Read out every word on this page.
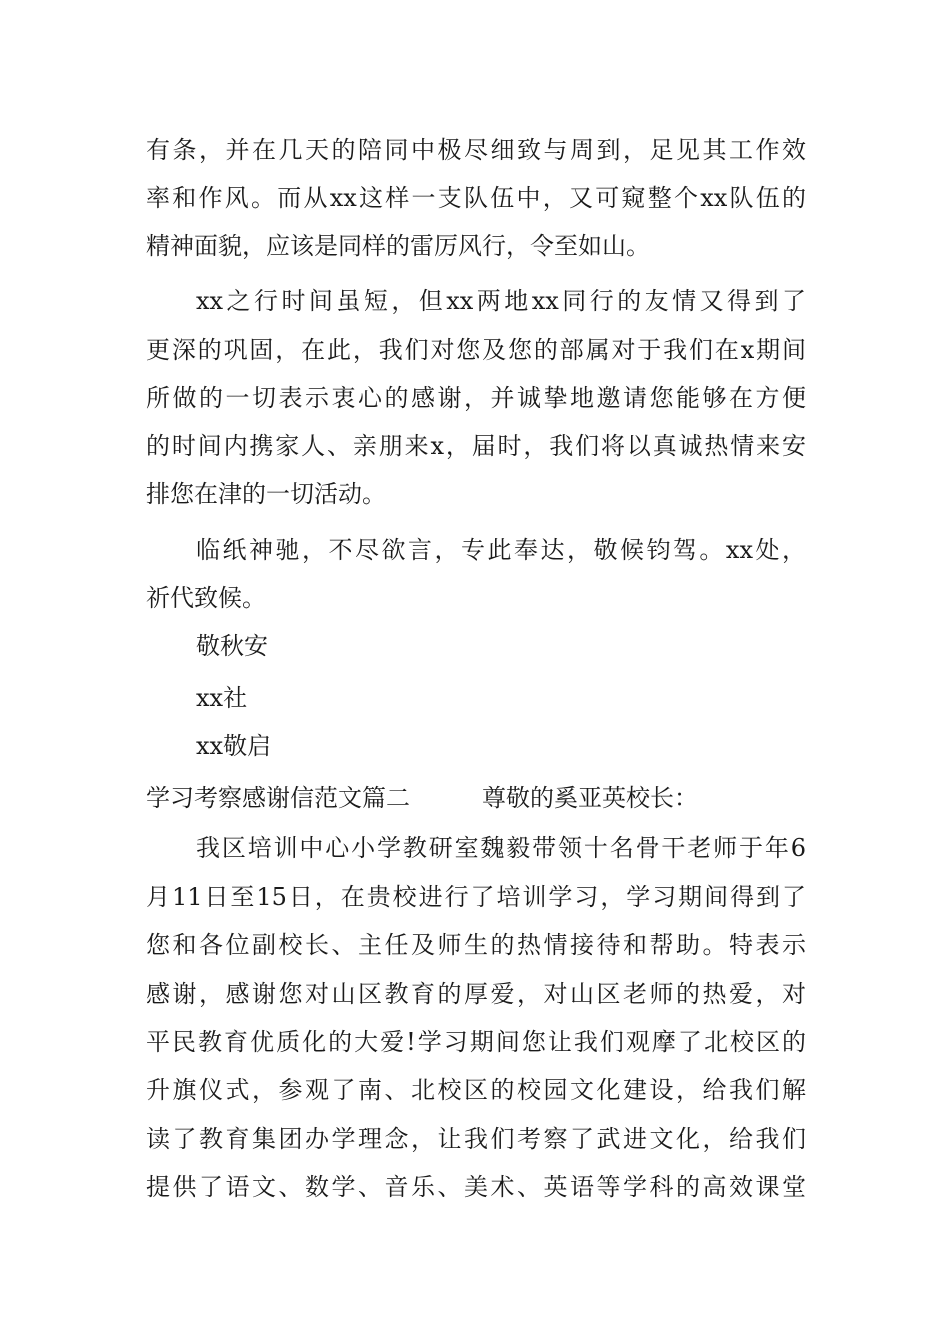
有条，并在几天的陪同中极尽细致与周到，足见其工作效
率和作风。而从xx这样一支队伍中，又可窥整个xx队伍的
精神面貌，应该是同样的雷厉风行，令至如山。
xx之行时间虽短，但xx两地xx同行的友情又得到了
更深的巩固，在此，我们对您及您的部属对于我们在x期间
所做的一切表示衷心的感谢，并诚挚地邀请您能够在方便
的时间内携家人、亲朋来x，届时，我们将以真诚热情来安
排您在津的一切活动。
临纸神驰，不尽欲言，专此奉达，敬候钧驾。xx处，
祈代致候。
敬秋安
xx社
xx敬启
学习考察感谢信范文篇二　　　尊敬的奚亚英校长：
我区培训中心小学教研室魏毅带领十名骨干老师于年6
月11日至15日，在贵校进行了培训学习，学习期间得到了
您和各位副校长、主任及师生的热情接待和帮助。特表示
感谢，感谢您对山区教育的厚爱，对山区老师的热爱，对
平民教育优质化的大爱!学习期间您让我们观摩了北校区的
升旗仪式，参观了南、北校区的校园文化建设，给我们解
读了教育集团办学理念，让我们考察了武进文化，给我们
提供了语文、数学、音乐、美术、英语等学科的高效课堂
